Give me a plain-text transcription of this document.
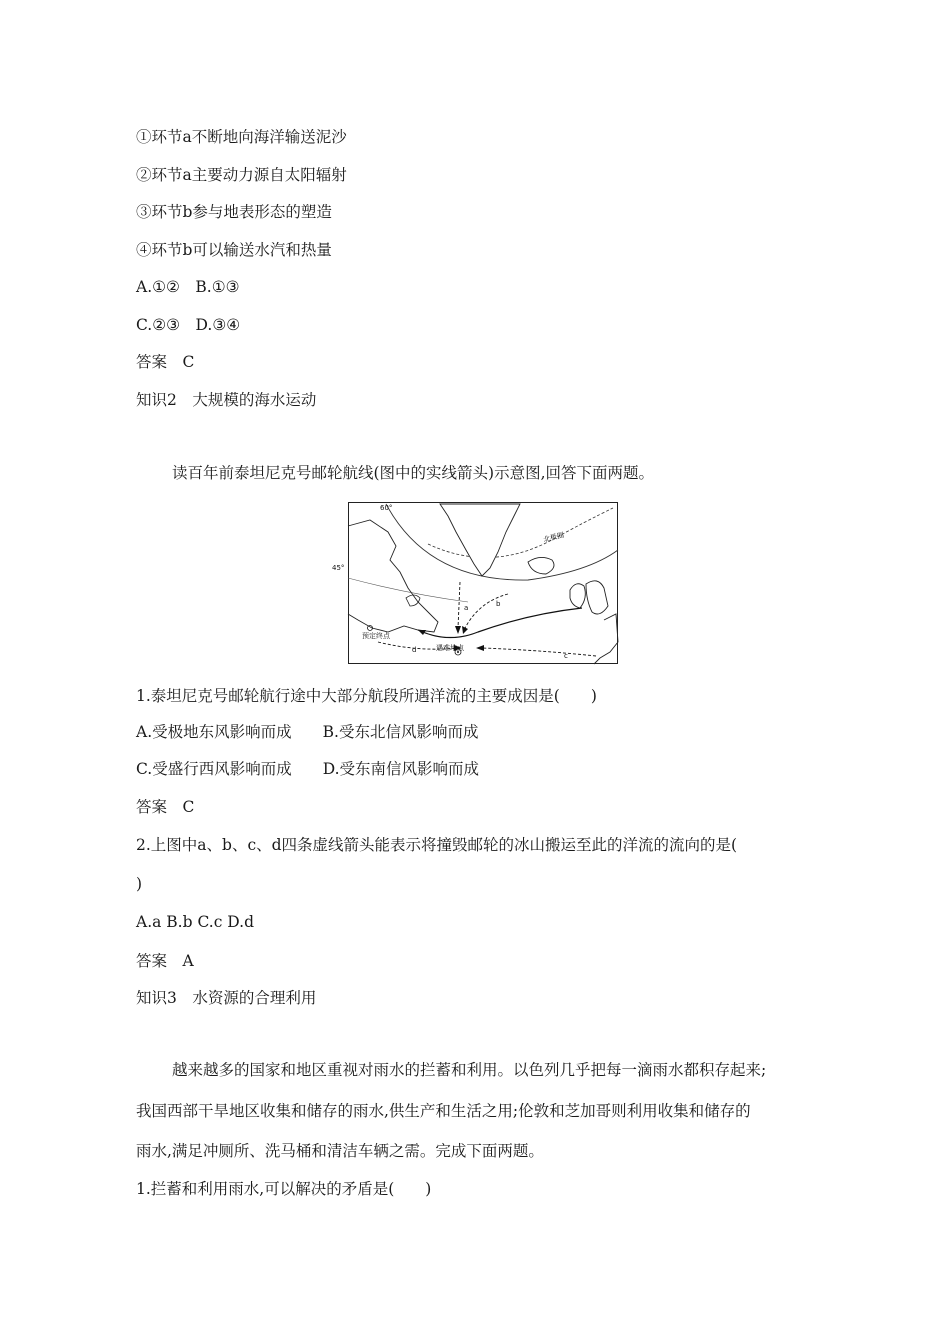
①环节a不断地向海洋输送泥沙
②环节a主要动力源自太阳辐射
③环节b参与地表形态的塑造
④环节b可以输送水汽和热量
A.①②　B.①③
C.②③　D.③④
答案　C
知识2　大规模的海水运动
读百年前泰坦尼克号邮轮航线(图中的实线箭头)示意图,回答下面两题。
60°
45°
北极圈
预定终点
遇难地点
a	b
c
d
1.泰坦尼克号邮轮航行途中大部分航段所遇洋流的主要成因是(　　)
A.受极地东风影响而成　　B.受东北信风影响而成
C.受盛行西风影响而成　　D.受东南信风影响而成
答案　C
2.上图中a、b、c、d四条虚线箭头能表示将撞毁邮轮的冰山搬运至此的洋流的流向的是(
)
A.a B.b C.c D.d
答案　A
知识3　水资源的合理利用
越来越多的国家和地区重视对雨水的拦蓄和利用。以色列几乎把每一滴雨水都积存起来;
我国西部干旱地区收集和储存的雨水,供生产和生活之用;伦敦和芝加哥则利用收集和储存的
雨水,满足冲厕所、洗马桶和清洁车辆之需。完成下面两题。
1.拦蓄和利用雨水,可以解决的矛盾是(　　)
